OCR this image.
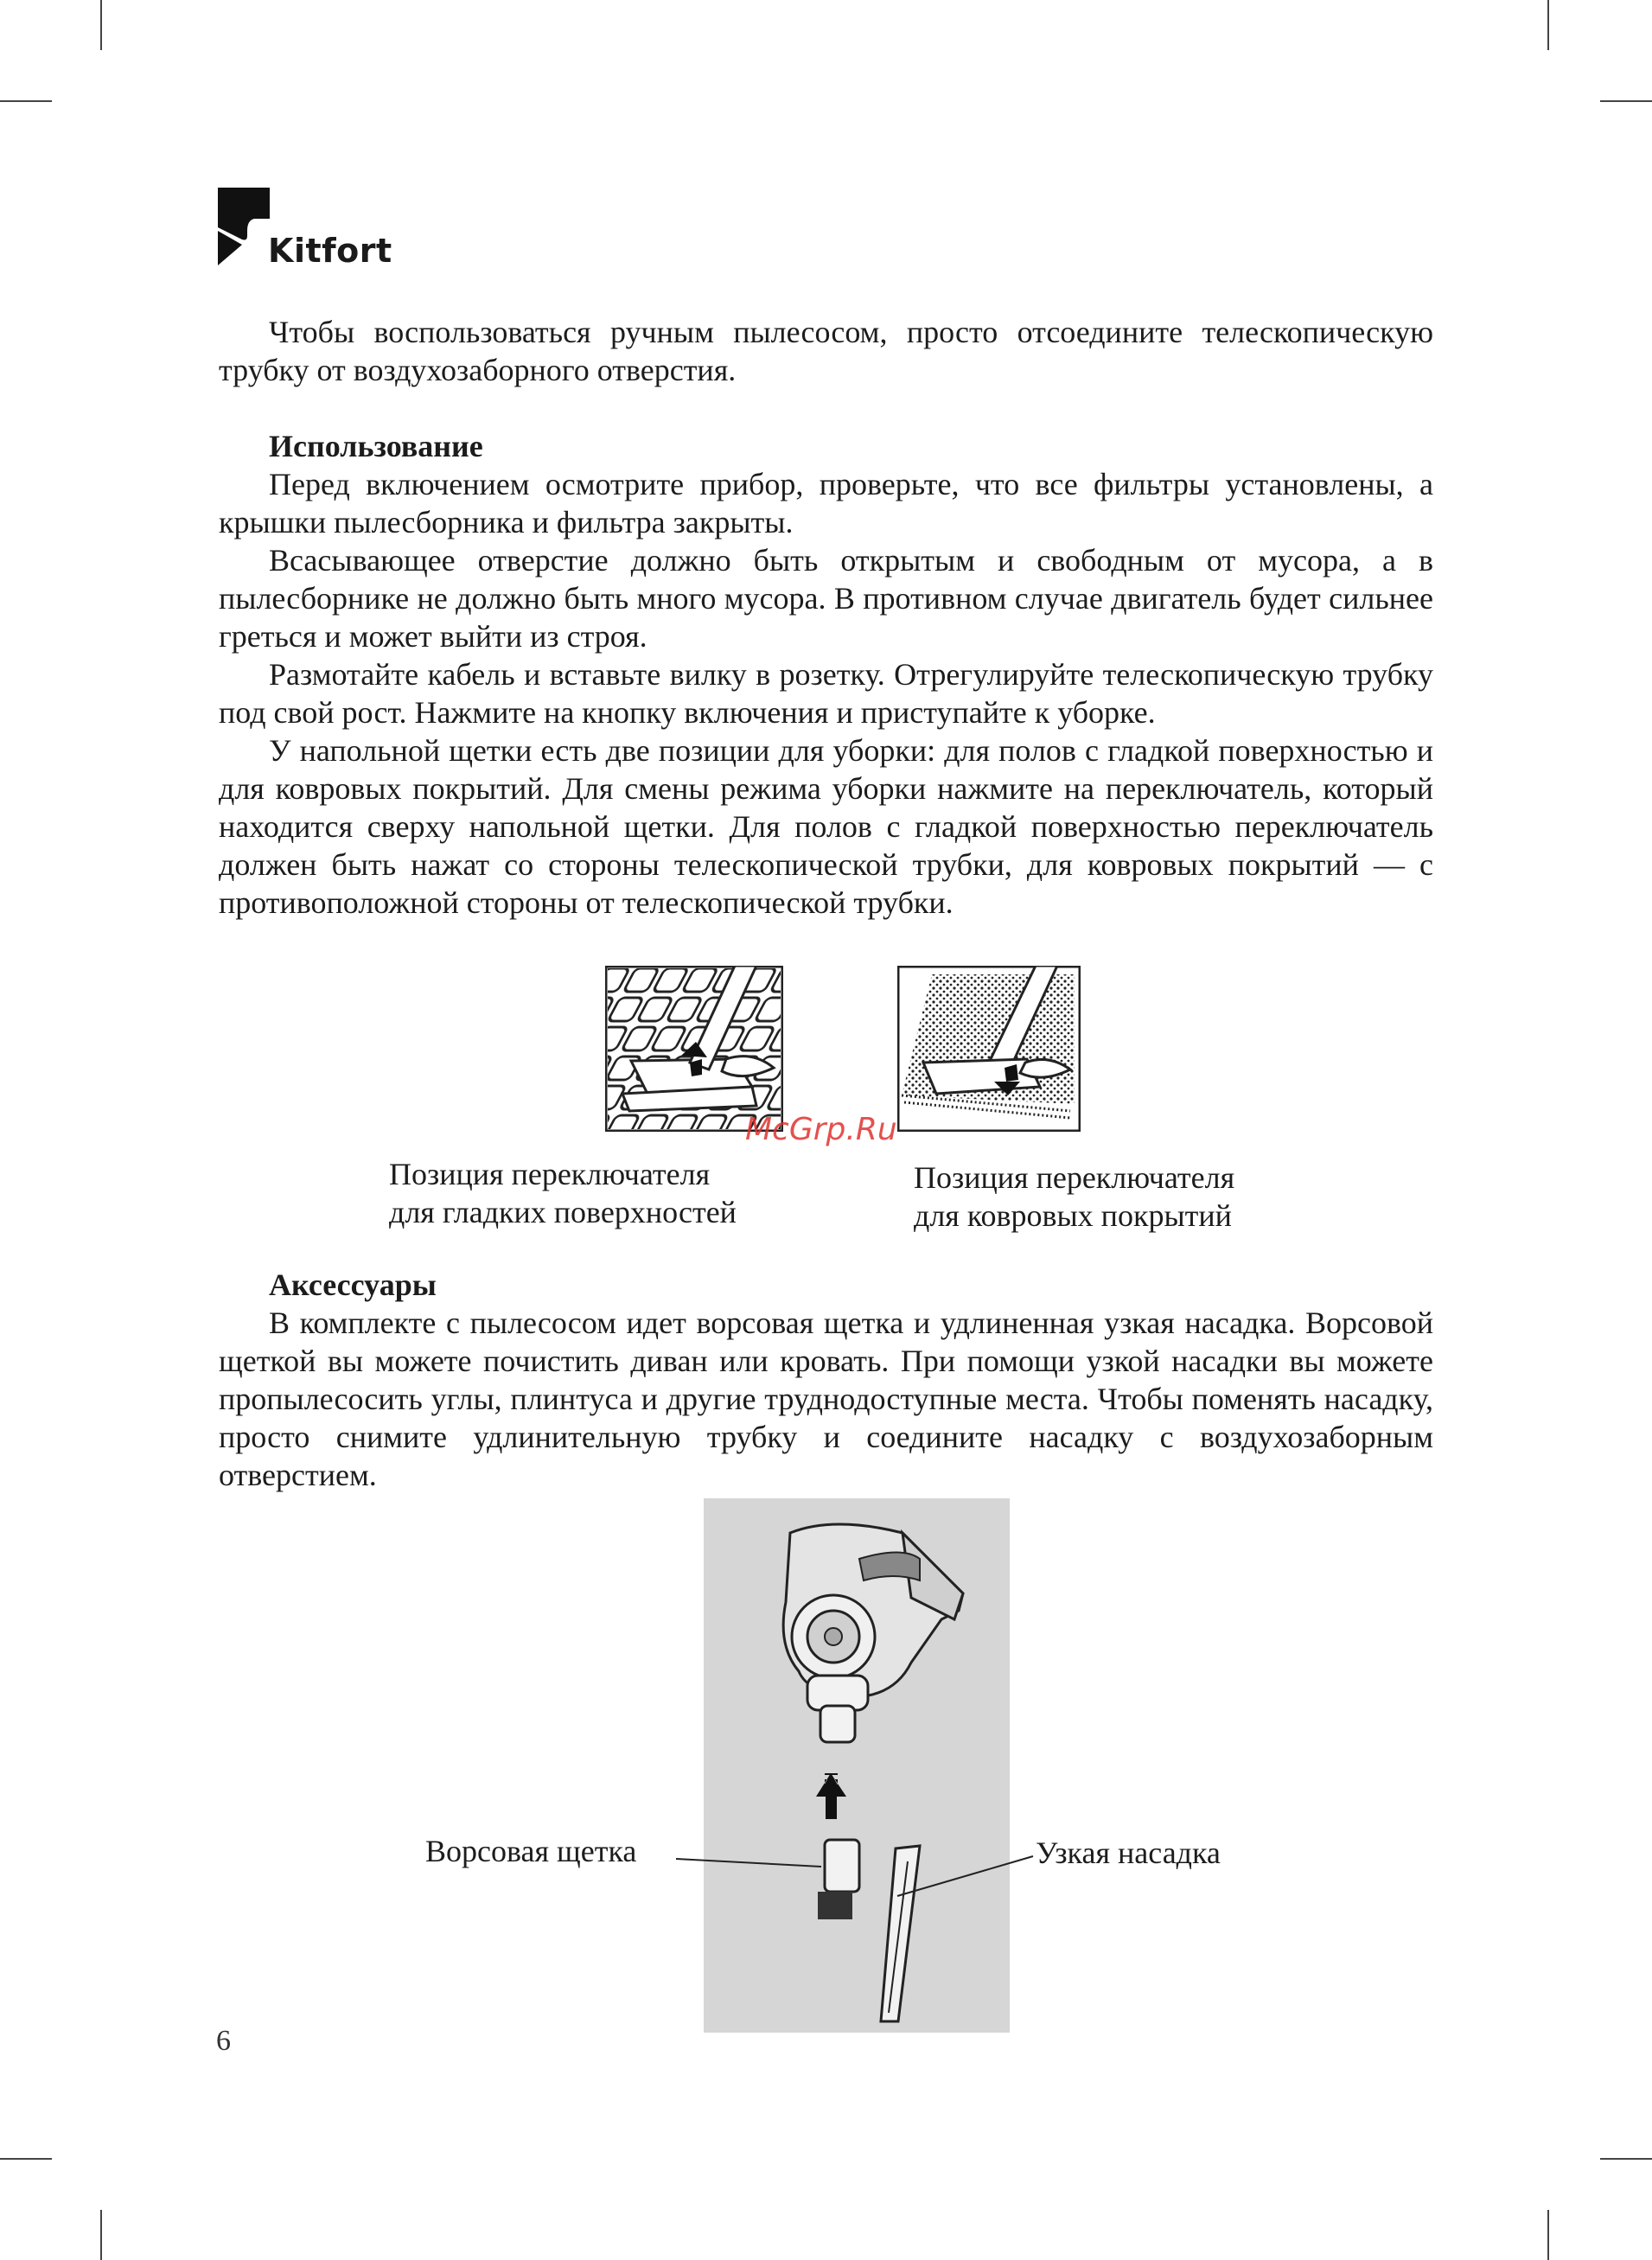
Kitfort

Чтобы воспользоваться ручным пылесосом, просто отсоедините телескопическую трубку от воздухозаборного отверстия.

Использование

Перед включением осмотрите прибор, проверьте, что все фильтры установлены, а крышки пылесборника и фильтра закрыты.

Всасывающее отверстие должно быть открытым и свободным от мусора, а в пылесборнике не должно быть много мусора. В противном случае двигатель будет сильнее греться и может выйти из строя.

Размотайте кабель и вставьте вилку в розетку. Отрегулируйте телескопическую трубку под свой рост. Нажмите на кнопку включения и приступайте к уборке.

У напольной щетки есть две позиции для уборки: для полов с гладкой поверхностью и для ковровых покрытий. Для смены режима уборки нажмите на переключатель, который находится сверху напольной щетки. Для полов с гладкой поверхностью переключатель должен быть нажат со стороны телескопической трубки, для ковровых покрытий — с противоположной стороны от телескопической трубки.

McGrp.Ru
Позиция переключателя
для гладких поверхностей
Позиция переключателя
для ковровых покрытий
Аксессуары

В комплекте с пылесосом идет ворсовая щетка и удлиненная узкая насадка. Ворсовой щеткой вы можете почистить диван или кровать. При помощи узкой насадки вы можете пропылесосить углы, плинтуса и другие труднодоступные места. Чтобы поменять насадку, просто снимите удлинительную трубку и соедините насадку с воздухозаборным отверстием.

Ворсовая щетка	Узкая насадка
6
